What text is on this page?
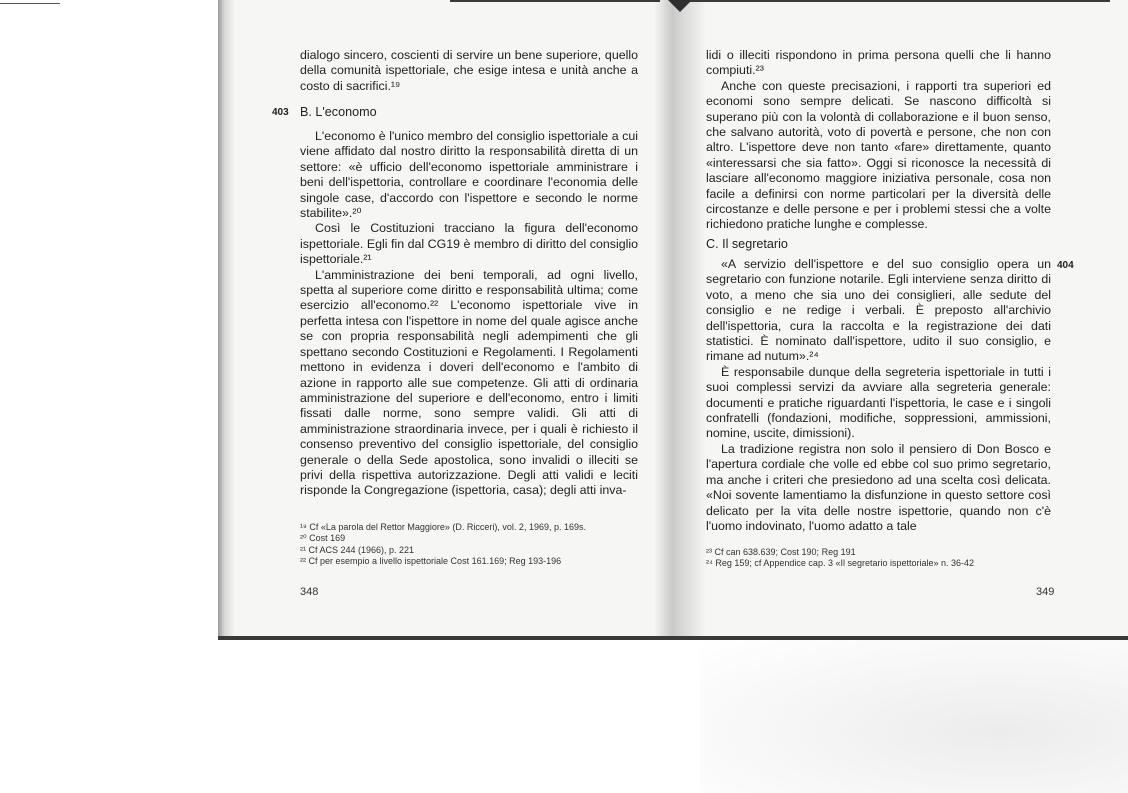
403

dialogo sincero, coscienti di servire un bene superiore, quello della comunità ispettoriale, che esige intesa e unità anche a costo di sacrifici.¹⁹

B. L'economo

L'economo è l'unico membro del consiglio ispettoriale a cui viene affidato dal nostro diritto la responsabilità diretta di un settore: «è ufficio dell'economo ispettoriale amministrare i beni dell'ispettoria, controllare e coordinare l'economia delle singole case, d'accordo con l'ispettore e secondo le norme stabilite».²⁰

Così le Costituzioni tracciano la figura dell'economo ispettoriale. Egli fin dal CG19 è membro di diritto del consiglio ispettoriale.²¹

L'amministrazione dei beni temporali, ad ogni livello, spetta al superiore come diritto e responsabilità ultima; come esercizio all'economo.²² L'economo ispettoriale vive in perfetta intesa con l'ispettore in nome del quale agisce anche se con propria responsabilità negli adempimenti che gli spettano secondo Costituzioni e Regolamenti. I Regolamenti mettono in evidenza i doveri dell'economo e l'ambito di azione in rapporto alle sue competenze. Gli atti di ordinaria amministrazione del superiore e dell'economo, entro i limiti fissati dalle norme, sono sempre validi. Gli atti di amministrazione straordinaria invece, per i quali è richiesto il consenso preventivo del consiglio ispettoriale, del consiglio generale o della Sede apostolica, sono invalidi o illeciti se privi della rispettiva autorizzazione. Degli atti validi e leciti risponde la Congregazione (ispettoria, casa); degli atti inva-

¹⁹ Cf «La parola del Rettor Maggiore» (D. Ricceri), vol. 2, 1969, p. 169s.

²⁰ Cost 169

²¹ Cf ACS 244 (1966), p. 221

²² Cf per esempio a livello ispettoriale Cost 161.169; Reg 193-196

348

lidi o illeciti rispondono in prima persona quelli che li hanno compiuti.²³

Anche con queste precisazioni, i rapporti tra superiori ed economi sono sempre delicati. Se nascono difficoltà si superano più con la volontà di collaborazione e il buon senso, che salvano autorità, voto di povertà e persone, che non con altro. L'ispettore deve non tanto «fare» direttamente, quanto «interessarsi che sia fatto». Oggi si riconosce la necessità di lasciare all'economo maggiore iniziativa personale, cosa non facile a definirsi con norme particolari per la diversità delle circostanze e delle persone e per i problemi stessi che a volte richiedono pratiche lunghe e complesse.

C. Il segretario

404

«A servizio dell'ispettore e del suo consiglio opera un segretario con funzione notarile. Egli interviene senza diritto di voto, a meno che sia uno dei consiglieri, alle sedute del consiglio e ne redige i verbali. È preposto all'archivio dell'ispettoria, cura la raccolta e la registrazione dei dati statistici. È nominato dall'ispettore, udito il suo consiglio, e rimane ad nutum».²⁴

È responsabile dunque della segreteria ispettoriale in tutti i suoi complessi servizi da avviare alla segreteria generale: documenti e pratiche riguardanti l'ispettoria, le case e i singoli confratelli (fondazioni, modifiche, soppressioni, ammissioni, nomine, uscite, dimissioni).

La tradizione registra non solo il pensiero di Don Bosco e l'apertura cordiale che volle ed ebbe col suo primo segretario, ma anche i criteri che presiedono ad una scelta così delicata. «Noi sovente lamentiamo la disfunzione in questo settore così delicato per la vita delle nostre ispettorie, quando non c'è l'uomo indovinato, l'uomo adatto a tale

²³ Cf can 638.639; Cost 190; Reg 191

²⁴ Reg 159; cf Appendice cap. 3 «Il segretario ispettoriale» n. 36-42

349
